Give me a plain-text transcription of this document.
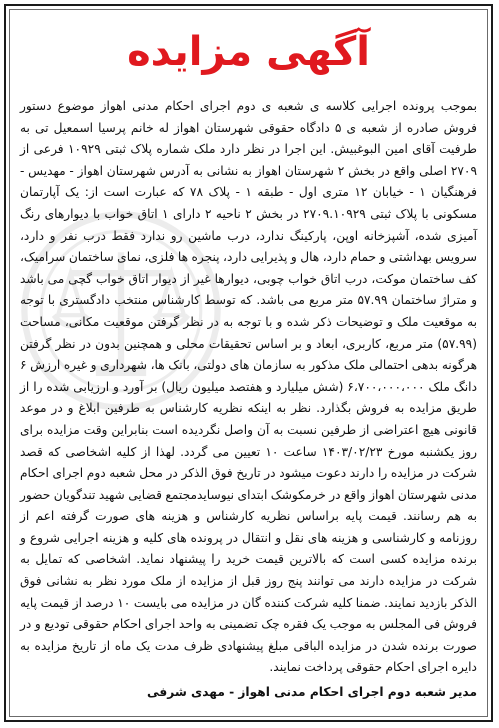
آگهی مزایده
بموجب پرونده اجرایی کلاسه ی شعبه ی دوم اجرای احکام مدنی اهواز موضوع دستور فروش صادره از شعبه ی ۵ دادگاه حقوقی شهرستان اهواز له خانم پرسیا اسمعیل تی به طرفیت آقای امین البوغبیش. این اجرا در نظر دارد ملک شماره پلاک ثبتی ۱۰۹۲۹ فرعی از ۲۷۰۹ اصلی واقع در بخش ۲ شهرستان اهواز به نشانی به آدرس شهرستان اهواز - مهدیس - فرهنگیان ۱ - خیابان ۱۲ متری اول - طبقه ۱ - پلاک ۷۸ که عبارت است از: یک آپارتمان مسکونی با پلاک ثبتی ۲۷۰۹.۱۰۹۲۹ در بخش ۲ ناحیه ۲ دارای ۱ اتاق خواب با دیوارهای رنگ آمیزی شده، آشپزخانه اوپن، پارکینگ ندارد، درب ماشین رو ندارد فقط درب نفر و دارد، سرویس بهداشتی و حمام دارد، هال و پذیرایی دارد، پنجره ها فلزی، نمای ساختمان سرامیک، کف ساختمان موکت، درب اتاق خواب چوبی، دیوارها غیر از دیوار اتاق خواب گچی می باشد و متراژ ساختمان ۵۷.۹۹ متر مربع می باشد. که توسط کارشناس منتخب دادگستری با توجه به موقعیت ملک و توضیحات ذکر شده و با توجه به در نظر گرفتن موقعیت مکانی، مساحت (۵۷.۹۹) متر مربع، کاربری، ابعاد و بر اساس تحقیقات محلی و همچنین بدون در نظر گرفتن هرگونه بدهی احتمالی ملک مذکور به سازمان های دولتی، بانک ها، شهرداری و غیره ارزش ۶ دانگ ملک ۶،۷۰۰،۰۰۰،۰۰۰ (شش میلیارد و هفتصد میلیون ریال) بر آورد و ارزیابی شده را از طریق مزایده به فروش بگذارد. نظر به اینکه نظریه کارشناس به طرفین ابلاغ و در موعد قانونی هیچ اعتراضی از طرفین نسبت به آن واصل نگردیده است بنابراین وقت مزایده برای روز یکشنبه مورخ ۱۴۰۳/۰۲/۲۳ ساعت ۱۰ تعیین می گردد. لهذا از کلیه اشخاصی که قصد شرکت در مزایده را دارند دعوت میشود در تاریخ فوق الذکر در محل شعبه دوم اجرای احکام مدنی شهرستان اهواز واقع در خرمکوشک ابتدای نیوسایدمجتمع قضایی شهید تندگویان حضور به هم رسانند. قیمت پایه براساس نظریه کارشناس و هزینه های صورت گرفته اعم از روزنامه و کارشناسی و هزینه های نقل و انتقال در پرونده های کلیه و هزینه اجرایی شروع و برنده مزایده کسی است که بالاترین قیمت خرید را پیشنهاد نماید. اشخاصی که تمایل به شرکت در مزایده دارند می توانند پنج روز قبل از مزایده از ملک مورد نظر به نشانی فوق الذکر بازدید نمایند. ضمنا کلیه شرکت کننده گان در مزایده می بایست ۱۰ درصد از قیمت پایه فروش فی المجلس به موجب یک فقره چک تضمینی به واحد اجرای احکام حقوقی تودیع و در صورت برنده شدن در مزایده الباقی مبلغ پیشنهادی ظرف مدت یک ماه از تاریخ مزایده به دایره اجرای احکام حقوقی پرداخت نمایند.
مدیر شعبه دوم اجرای احکام مدنی اهواز - مهدی شرفی
